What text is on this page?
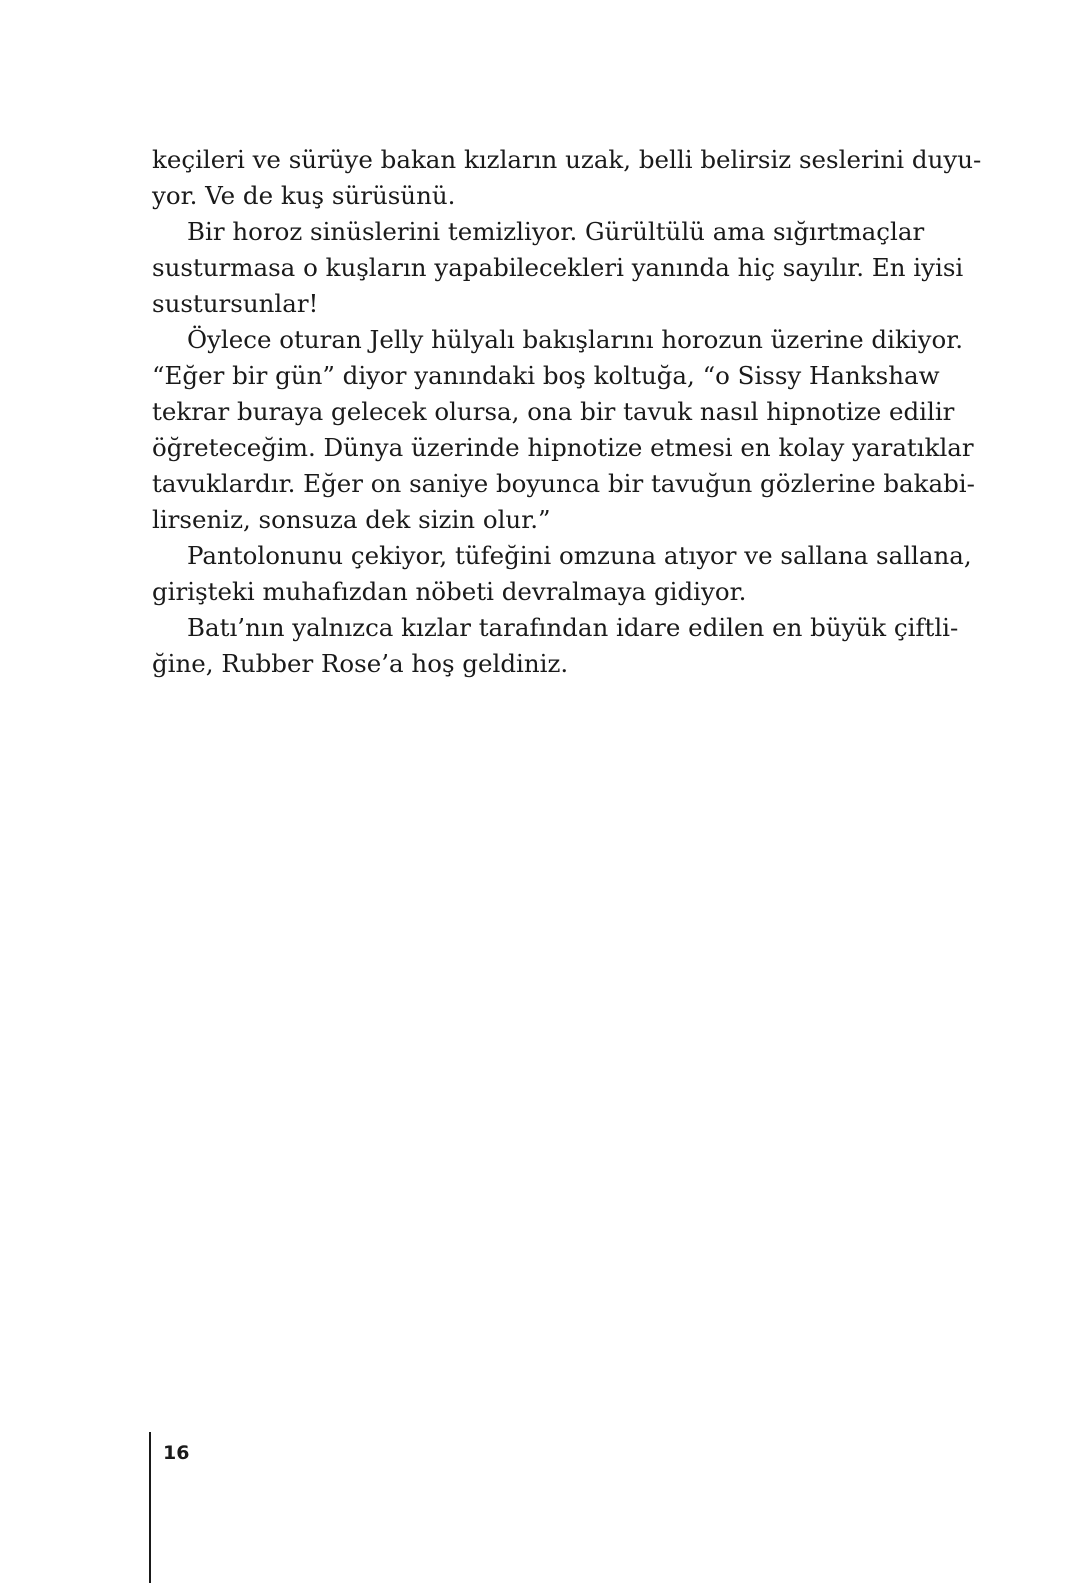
keçileri ve sürüye bakan kızların uzak, belli belirsiz seslerini duyu-
yor. Ve de kuş sürüsünü.
Bir horoz sinüslerini temizliyor. Gürültülü ama sığırtmaçlar
susturmasa o kuşların yapabilecekleri yanında hiç sayılır. En iyisi
sustursunlar!
Öylece oturan Jelly hülyalı bakışlarını horozun üzerine dikiyor.
“Eğer bir gün” diyor yanındaki boş koltuğa, “o Sissy Hankshaw
tekrar buraya gelecek olursa, ona bir tavuk nasıl hipnotize edilir
öğreteceğim. Dünya üzerinde hipnotize etmesi en kolay yaratıklar
tavuklardır. Eğer on saniye boyunca bir tavuğun gözlerine bakabi-
lirseniz, sonsuza dek sizin olur.”
Pantolonunu çekiyor, tüfeğini omzuna atıyor ve sallana sallana,
girişteki muhafızdan nöbeti devralmaya gidiyor.
Batı’nın yalnızca kızlar tarafından idare edilen en büyük çiftli-
ğine, Rubber Rose’a hoş geldiniz.
16
